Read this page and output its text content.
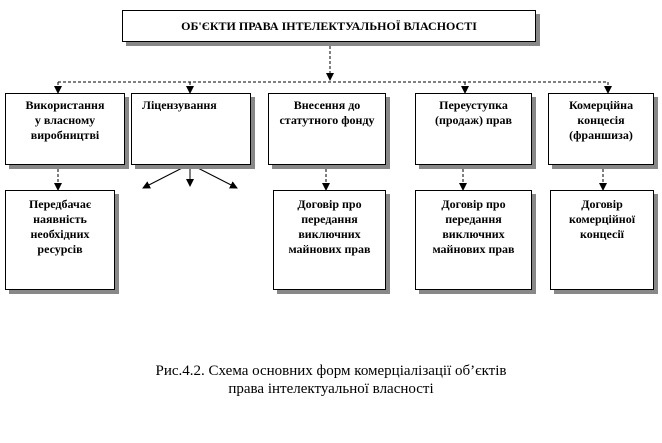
ОБ'ЄКТИ ПРАВА ІНТЕЛЕКТУАЛЬНОЇ ВЛАСНОСТІ
Використання
у власному
виробництві
Ліцензування	Внесення до
статутного фонду
Переуступка
(продаж) прав
Комерційна
концесія
(франшиза)
Передбачає
наявність
необхідних
ресурсів
Договір про
передання
виключних
майнових прав
Договір про
передання
виключних
майнових прав
Договір
комерційної
концесії
Рис.4.2. Схема основних форм комерціалізації об’єктів
права інтелектуальної власності
